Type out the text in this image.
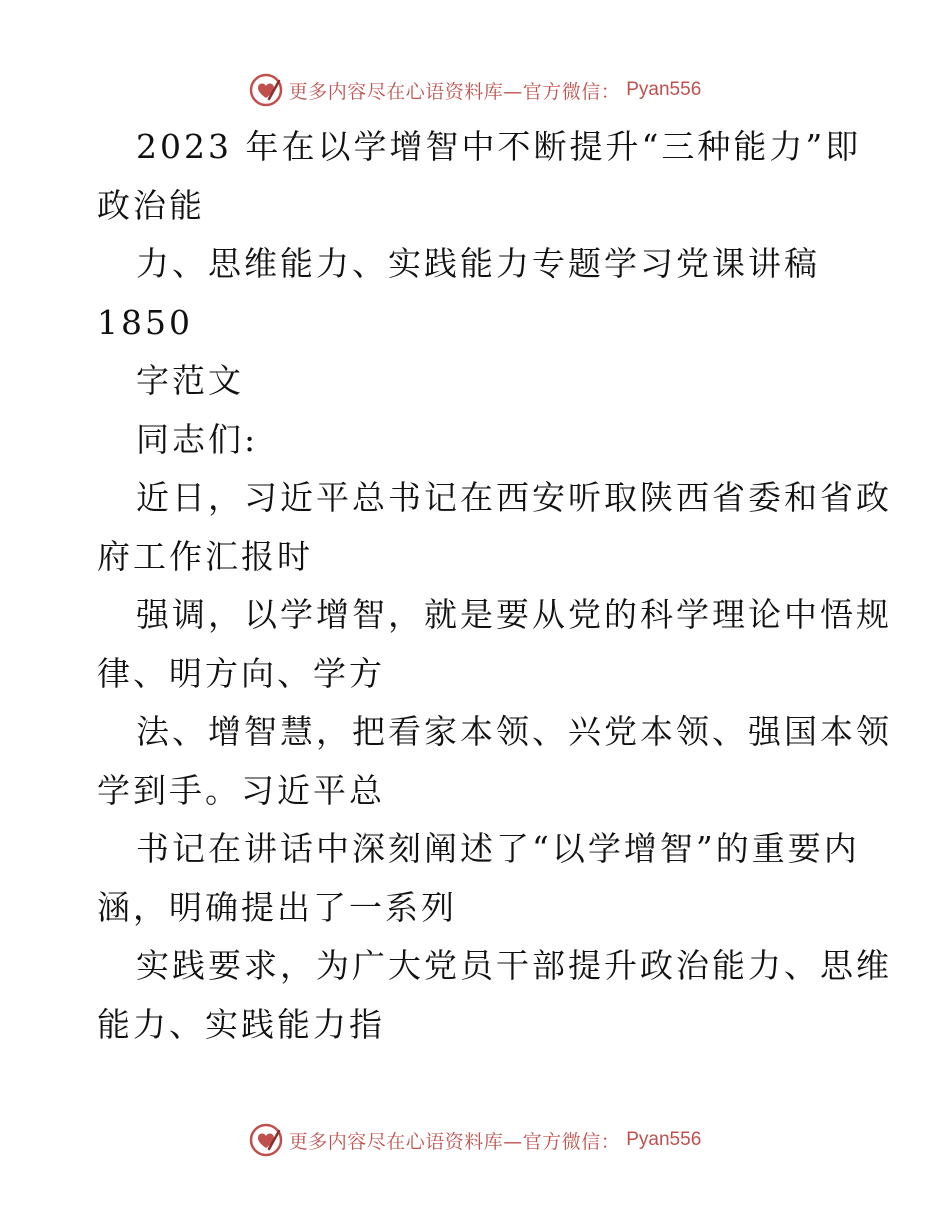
更多内容尽在心语资料库—官方微信： Pyan556
2023 年在以学增智中不断提升“三种能力”即
政治能
力、思维能力、实践能力专题学习党课讲稿
1850
字范文
同志们:
近日，习近平总书记在西安听取陕西省委和省政
府工作汇报时
强调，以学增智，就是要从党的科学理论中悟规
律、明方向、学方
法、增智慧，把看家本领、兴党本领、强国本领
学到手。习近平总
书记在讲话中深刻阐述了“以学增智”的重要内
涵，明确提出了一系列
实践要求，为广大党员干部提升政治能力、思维
能力、实践能力指
更多内容尽在心语资料库—官方微信： Pyan556
